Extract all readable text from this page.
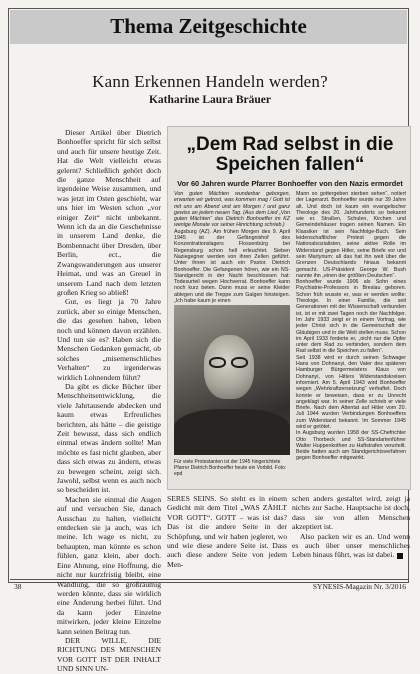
Thema Zeitgeschichte
Kann Erkennen Handeln werden?
Katharine Laura Bräuer

Dieser Artikel über Dietrich Bonhoeffer spricht für sich selbst und auch für unsere heutige Zeit. Hat die Welt vielleicht etwas gelernt? Schließlich gehört doch die ganze Menschheit auf irgendeine Weise zusammen, und was jetzt im Osten geschieht, war uns hier im Westen schon „vor einiger Zeit“ nicht unbekannt. Wenn ich da an die Geschehnisse in unserem Land denke, die Bombennacht über Dresden, über Berlin, ect., die Zwangswanderungen aus unserer Heimat, und was an Greuel in unserem Land nach dem letzten großen Krieg so abließ!

Gut, es liegt ja 70 Jahre zurück, aber so einige Menschen, die das gesehen haben, leben noch und können davon erzählen. Und tun sie es? Haben sich die Menschen Gedanken gemacht, ob solches „misemenschliches Verhalten“ zu irgenderwas wirklich Lohnendem führt?

Da gibt es dicke Bücher über Menschheitsentwicklung, die viele Jahrtausende abdecken und kaum etwas Erfreuliches berichten, als hätte – die geistige Zeit bewusst, dass sich endlich einmal etwas ändern sollte! Man möchte es fast nicht glauben, aber dass sich etwas zu ändern, etwas zu bewegen scheint, zeigt sich. Jawohl, selbst wenn es auch noch so bescheiden ist.

Machen sie einmal die Augen auf und versuchen Sie, danach Ausschau zu halten, vielleicht entdecken sie ja auch, was ich meine. Ich wage es nicht, zu behaupten, man könnte es schon fühlen, ganz klein, aber doch. Eine Ahnung, eine Hoffnung, die nicht nur kurzfristig bleibt, eine Wandlung, die so großräumig werden könnte, dass sie wirklich eine Änderung herbei führt. Und da kann jeder Einzelne mitwirken, jeder kleine Einzelne kann seinen Beitrag tun.

DER WILLE, DIE RICHTUNG DES MENSCHEN VOR GOTT IST DER INHALT UND SINN UN-

„Dem Rad selbst in die Speichen fallen“
Vor 60 Jahren wurde Pfarrer Bonhoeffer von den Nazis ermordet

Von guten Mächten wunderbar geborgen, erwarten wir getrost, was kommen mag / Gott ist mit uns am Abend und am Morgen / und ganz gewiss an jedem neuen Tag. (Aus dem Lied „Von guten Mächten“ das Dietrich Bonhoeffer im KZ wenige Monate vor seiner Hinrichtung schrieb.)

Augsburg (AZ). Am frühen Morgen des 9. April 1945 ist der Gefängnishof des Konzentrationslagers Flossenbürg bei Regensburg schon hell erleuchtet. Sieben Naziegegner werden von ihren Zellen geführt. Unter ihnen ist auch ein Pastor. Dietrich Bonhoeffer. Die Gefangenen hören, wie ein NS-Standgericht in der Nacht beschlossen hat: Todesurteil wegen Hochverrat. Bonhoeffer kann noch kurz beten. Dann muss er seine Kleider ablegen und die Treppe zum Galgen hinsteigen. „Ich habe kaum je einen

Für viele Protestanten ist der 1945 hingerichtete Pfarrer Dietrich Bonhoeffer heute ein Vorbild. Foto: epd

Mann so gottergeben sterben sehen“, notiert der Lagerarzt. Bonhoeffer wurde nur 39 Jahre alt. Und doch ist kaum ein evangelischer Theologe des 20. Jahrhunderts so bekannt wie er. Straßen, Schulen, Kirchen und Gemeindehäuser tragen seinen Namen. Ein Klassiker ist sein Nachfolge-Buch. Sein leidenschaftlicher Protest gegen die Nationalsozialisten, seine aktive Rolle im Widerstand gegen Hitler, seine Briefe vor und sein Martyrium: all das hat ihn weit über die Grenzen Deutschlands hinaus bekannt gemacht. US-Präsident George W. Bush nannte ihn „einen der größten Deutschen“.

Bonhoeffer wurde 1906 als Sohn eines Psychiatrie-Professors in Breslau geboren. Schon früh wusste er, was er werden wollte: Theologe. In einer Familie, die seit Generationen mit der Wissenschaft verbunden ist, ist er mit zwei Tagen noch der Nachfolger. Im Jahr 1933 zeigt er in einem Vortrag, wie jeder Christ sich in die Gemeinschaft der Gläubigen und in die Welt stellen muss. Schon im April 1933 forderte er, „nicht nur die Opfer unter dem Rad zu verbinden, sondern dem Rad selbst in die Speichen zu fallen“.

Seit 1938 wird er durch seinen Schwager Hans von Dohnanyi, den Vater des späteren Hamburger Bürgermeisters Klaus von Dohnanyi, von Hitlers Widerstandskreisen informiert. Am 5. April 1943 wird Bonhoeffer wegen „Wehrkraftzersetzung“ verhaftet. Doch konnte er beweisen, dass er zu Unrecht angeklagt war. In seiner Zelle schrieb er viele Briefe. Nach dem Attentat auf Hitler vom 20. Juli 1944 wurden Verbindungen Bonhoeffers zum Widerstand bekannt. Im Sommer 1945 wird er getötet.

In Augsburg wurden 1958 der SS-Chefrichter Otto Thorbeck und SS-Standartenführer Walter Huppenkothen zu Haftstrafen verurteilt. Beide hatten auch am Standgerichtsverfahren gegen Bonhoeffer mitgewirkt.

SERES SEINS. So steht es in einem Gedicht mit dem Titel „WAS ZÄHLT VOR GOTT“. GOTT – was ist das? Das ist die andere Seite in der Schöpfung, und wir haben jegleret, wo und wie diese andere Seite ist. Dass auch diese andere Seite von jedem Men-

schen anders gestaltet wird, zeigt ja nichts zur Sache. Hauptsache ist doch, dass sie von allen Menschen akzeptiert ist.

Also packen wir es an. Und wenn es auch über unser menschliches Leben hinaus führt, was ist dabei.

38	SYNESIS-Magazin Nr. 3/2016
